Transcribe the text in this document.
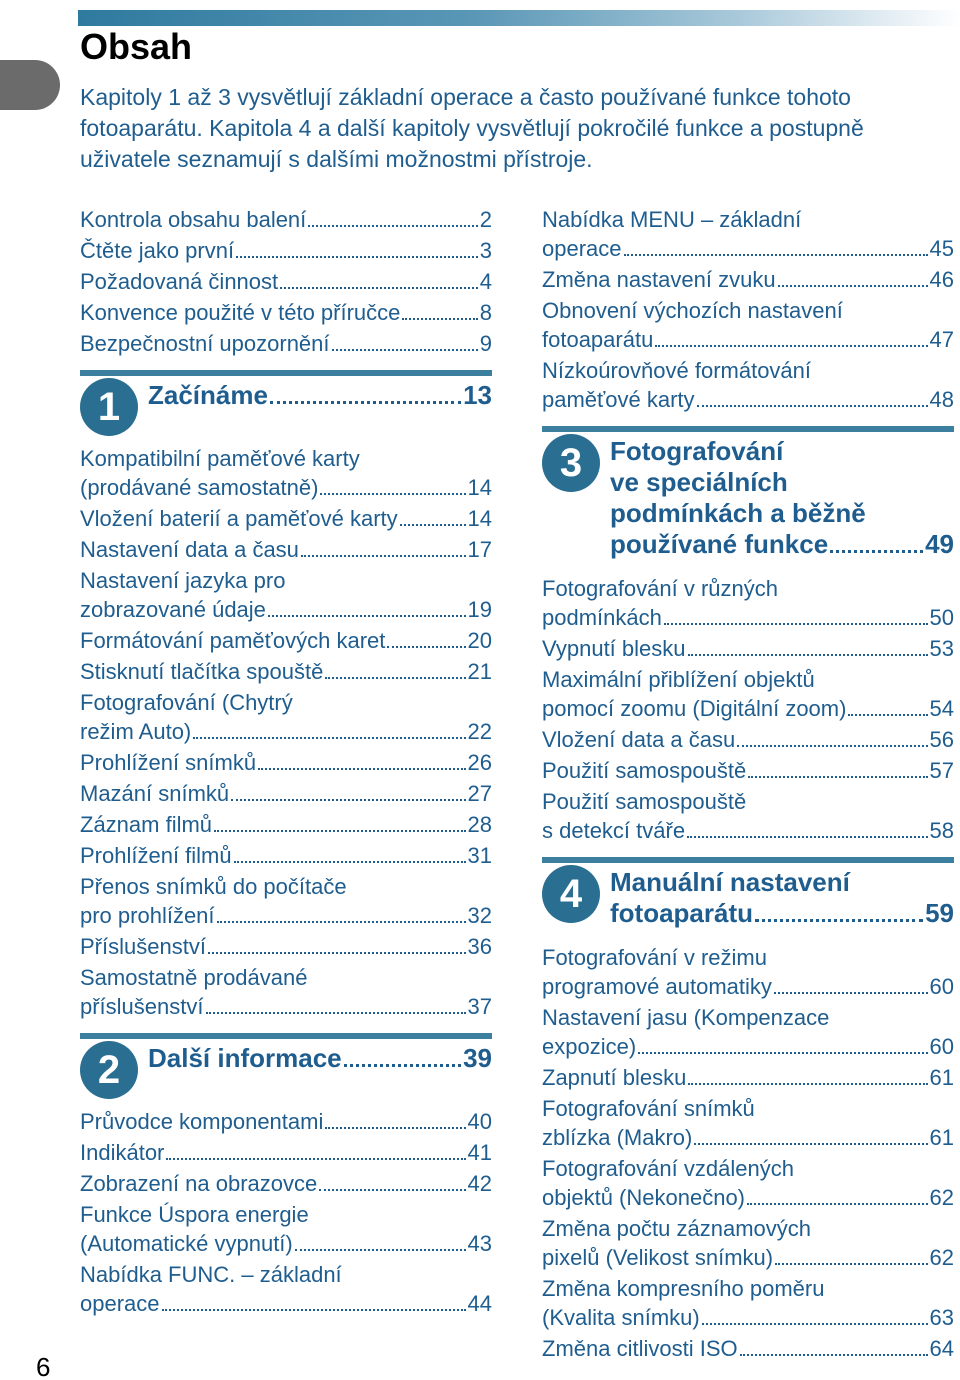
6
Obsah

Kapitoly 1 až 3 vysvětlují základní operace a často používané funkce tohoto fotoaparátu. Kapitola 4 a další kapitoly vysvětlují pokročilé funkce a postupně uživatele seznamují s dalšími možnostmi přístroje.

Kontrola obsahu balení	2
Čtěte jako první	3
Požadovaná činnost	4
Konvence použité v této příručce	8
Bezpečnostní upozornění	9
1	Začínáme	13
Kompatibilní paměťové karty
(prodávané samostatně)	14
Vložení baterií a paměťové karty	14
Nastavení data a času	17
Nastavení jazyka pro
zobrazované údaje	19
Formátování paměťových karet	20
Stisknutí tlačítka spouště	21
Fotografování (Chytrý
režim Auto)	22
Prohlížení snímků	26
Mazání snímků	27
Záznam filmů	28
Prohlížení filmů	31
Přenos snímků do počítače
pro prohlížení	32
Příslušenství	36
Samostatně prodávané
příslušenství	37
2	Další informace	39
Průvodce komponentami	40
Indikátor	41
Zobrazení na obrazovce	42
Funkce Úspora energie
(Automatické vypnutí)	43
Nabídka FUNC. – základní
operace	44
Nabídka MENU – základní
operace	45
Změna nastavení zvuku	46
Obnovení výchozích nastavení
fotoaparátu	47
Nízkoúrovňové formátování
paměťové karty	48
3	Fotografování
ve speciálních
podmínkách a běžně
používané funkce	49
Fotografování v různých
podmínkách	50
Vypnutí blesku	53
Maximální přiblížení objektů
pomocí zoomu (Digitální zoom)	54
Vložení data a času	56
Použití samospouště	57
Použití samospouště
s detekcí tváře	58
4	Manuální nastavení
fotoaparátu	59
Fotografování v režimu
programové automatiky	60
Nastavení jasu (Kompenzace
expozice)	60
Zapnutí blesku	61
Fotografování snímků
zblízka (Makro)	61
Fotografování vzdálených
objektů (Nekonečno)	62
Změna počtu záznamových
pixelů (Velikost snímku)	62
Změna kompresního poměru
(Kvalita snímku)	63
Změna citlivosti ISO	64
